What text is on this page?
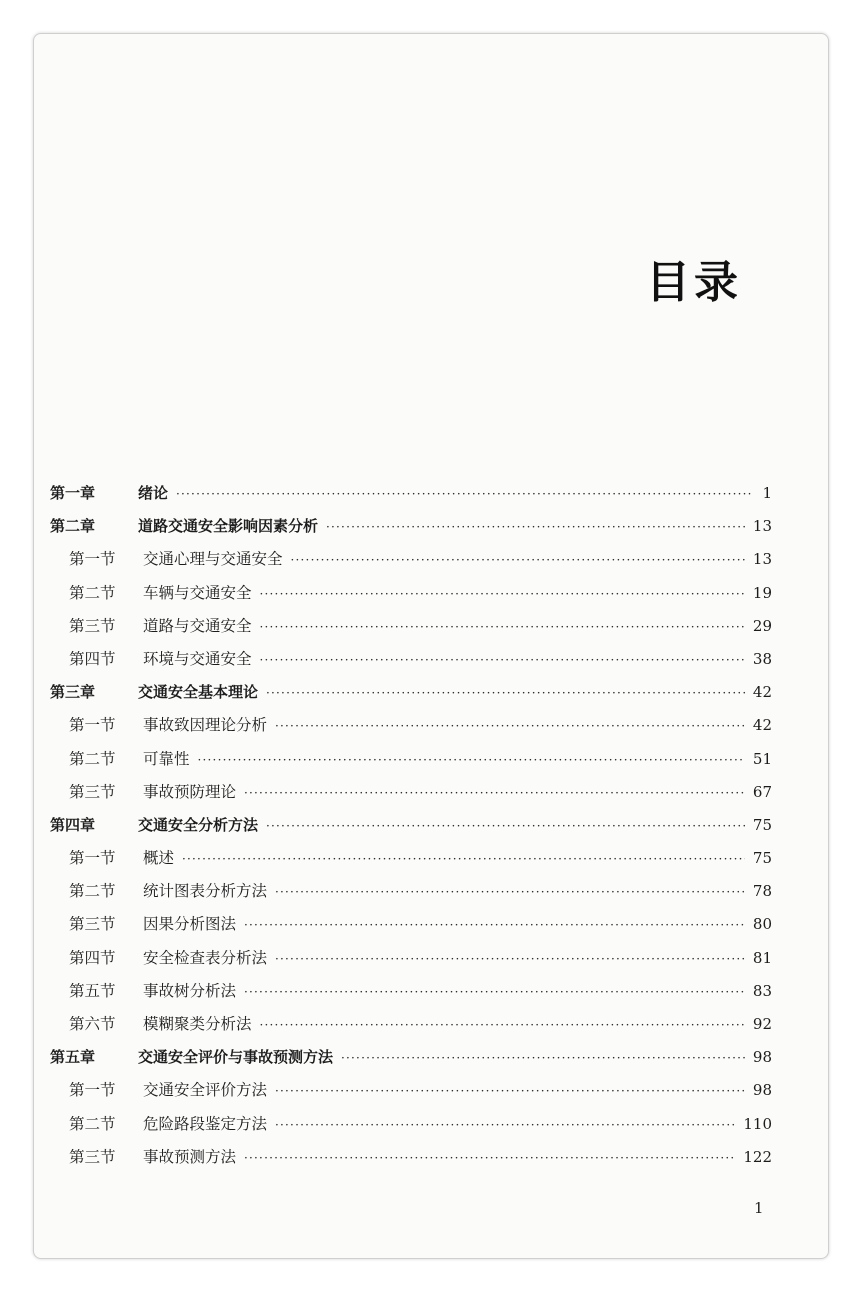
目录
第一章	绪论 ·····	1
第二章	道路交通安全影响因素分析 ·····	13
第一节	交通心理与交通安全 ·····	13
第二节	车辆与交通安全 ·····	19
第三节	道路与交通安全 ·····	29
第四节	环境与交通安全 ·····	38
第三章	交通安全基本理论 ·····	42
第一节	事故致因理论分析 ·····	42
第二节	可靠性 ·····	51
第三节	事故预防理论 ·····	67
第四章	交通安全分析方法 ·····	75
第一节	概述 ·····	75
第二节	统计图表分析方法 ·····	78
第三节	因果分析图法 ·····	80
第四节	安全检查表分析法 ·····	81
第五节	事故树分析法 ·····	83
第六节	模糊聚类分析法 ·····	92
第五章	交通安全评价与事故预测方法 ·····	98
第一节	交通安全评价方法 ·····	98
第二节	危险路段鉴定方法 ·····	110
第三节	事故预测方法 ·····	122
1
